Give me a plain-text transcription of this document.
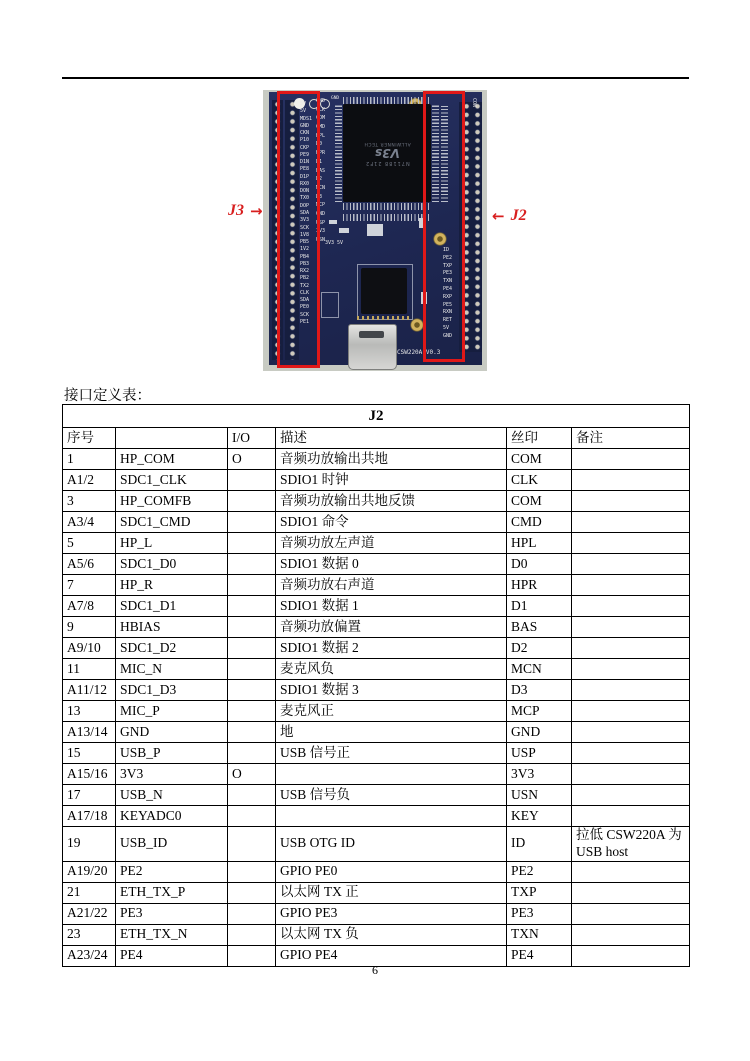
GND
N71188 21F2
V3s
ALLWINNER TECH
5V
5V
MDS1
GND
CKN
P10
CKP
PE9
D1N
PE8
D1P
RX0
DON
TX0
DOP
SDA
3V3
SCK
1V8
PB5
1V2
PB4
PB3
RX2
PB2
TX2
CLK
SDA
PE0
SCK
PE1
GND
CLK
COM
CMD
HPL
D0
HPR
D1
BAS
D2
MCN
D3
MCP
GND
USP
3V3
USN
ID
PE2
TXP
PE3
TXN
PE4
RXP
PE5
RXN
RET
5V
GND
CON
3V3 5V
CSW220A V0.3
J3 →	← J2
接口定义表：
J2					
序号		I/O	描述	丝印	备注
1	HP_COM	O	音频功放输出共地	COM	
A1/2	SDC1_CLK		SDIO1 时钟	CLK	
3	HP_COMFB		音频功放输出共地反馈	COM	
A3/4	SDC1_CMD		SDIO1 命令	CMD	
5	HP_L		音频功放左声道	HPL	
A5/6	SDC1_D0		SDIO1 数据 0	D0	
7	HP_R		音频功放右声道	HPR	
A7/8	SDC1_D1		SDIO1 数据 1	D1	
9	HBIAS		音频功放偏置	BAS	
A9/10	SDC1_D2		SDIO1 数据 2	D2	
11	MIC_N		麦克风负	MCN	
A11/12	SDC1_D3		SDIO1 数据 3	D3	
13	MIC_P		麦克风正	MCP	
A13/14	GND		地	GND	
15	USB_P		USB 信号正	USP	
A15/16	3V3	O		3V3	
17	USB_N		USB 信号负	USN	
A17/18	KEYADC0			KEY	
19	USB_ID		USB OTG ID	ID	拉低 CSW220A 为 USB host
A19/20	PE2		GPIO PE0	PE2	
21	ETH_TX_P		以太网 TX 正	TXP	
A21/22	PE3		GPIO PE3	PE3	
23	ETH_TX_N		以太网 TX 负	TXN	
A23/24	PE4		GPIO PE4	PE4	
6
